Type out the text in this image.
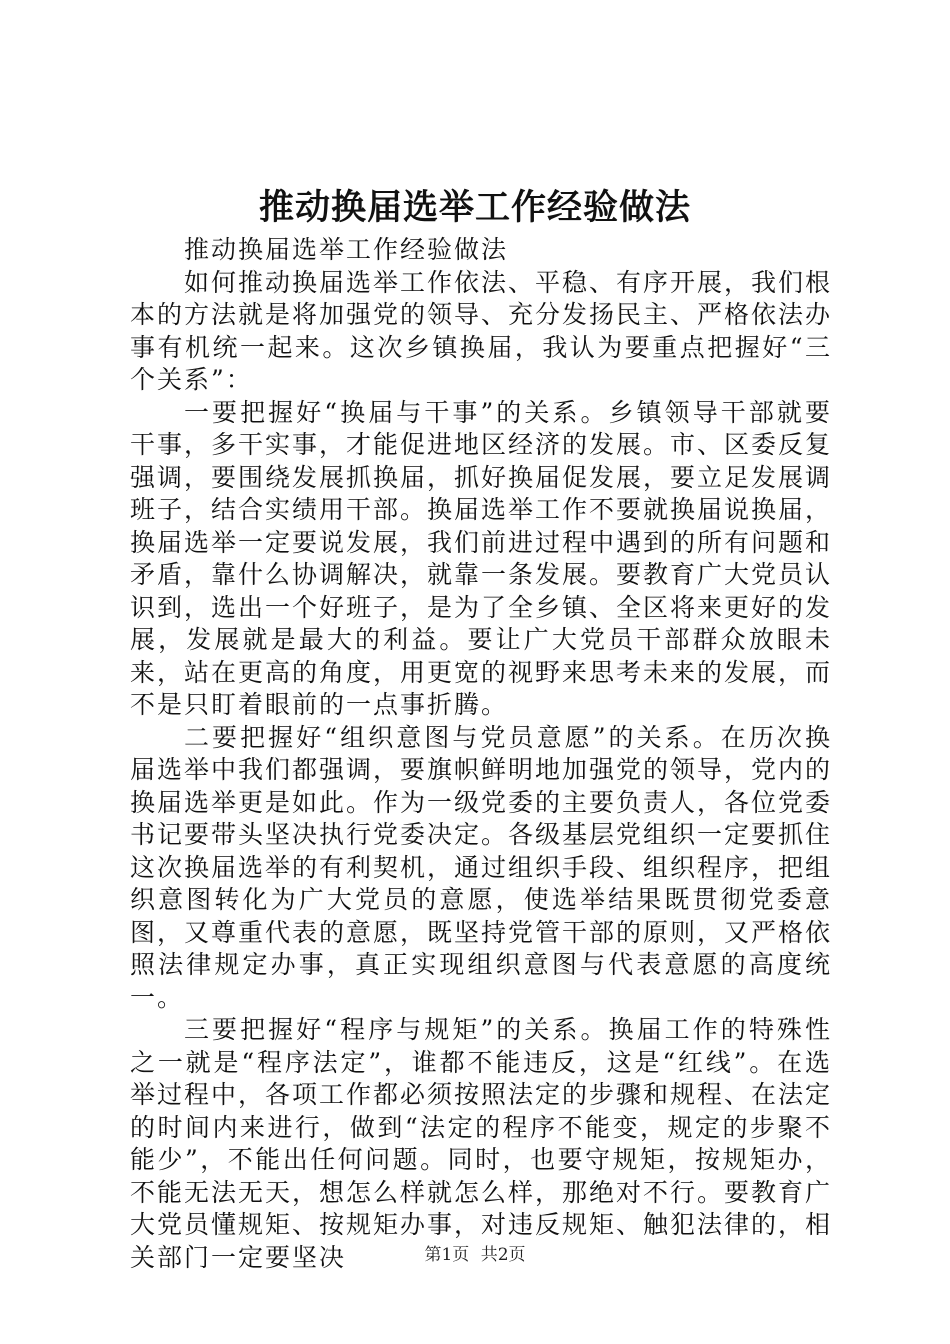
推动换届选举工作经验做法

推动换届选举工作经验做法

如何推动换届选举工作依法、平稳、有序开展，我们根本的方法就是将加强党的领导、充分发扬民主、严格依法办事有机统一起来。这次乡镇换届，我认为要重点把握好“三个关系”：

一要把握好“换届与干事”的关系。乡镇领导干部就要干事，多干实事，才能促进地区经济的发展。市、区委反复强调，要围绕发展抓换届，抓好换届促发展，要立足发展调班子，结合实绩用干部。换届选举工作不要就换届说换届，换届选举一定要说发展，我们前进过程中遇到的所有问题和矛盾，靠什么协调解决，就靠一条发展。要教育广大党员认识到，选出一个好班子，是为了全乡镇、全区将来更好的发展，发展就是最大的利益。要让广大党员干部群众放眼未来，站在更高的角度，用更宽的视野来思考未来的发展，而不是只盯着眼前的一点事折腾。

二要把握好“组织意图与党员意愿”的关系。在历次换届选举中我们都强调，要旗帜鲜明地加强党的领导，党内的换届选举更是如此。作为一级党委的主要负责人，各位党委书记要带头坚决执行党委决定。各级基层党组织一定要抓住这次换届选举的有利契机，通过组织手段、组织程序，把组织意图转化为广大党员的意愿，使选举结果既贯彻党委意图，又尊重代表的意愿，既坚持党管干部的原则，又严格依照法律规定办事，真正实现组织意图与代表意愿的高度统一。

三要把握好“程序与规矩”的关系。换届工作的特殊性之一就是“程序法定”，谁都不能违反，这是“红线”。在选举过程中，各项工作都必须按照法定的步骤和规程、在法定的时间内来进行，做到“法定的程序不能变，规定的步聚不能少”，不能出任何问题。同时，也要守规矩，按规矩办，不能无法无天，想怎么样就怎么样，那绝对不行。要教育广大党员懂规矩、按规矩办事，对违反规矩、触犯法律的，相关部门一定要坚决	第1页 共2页
